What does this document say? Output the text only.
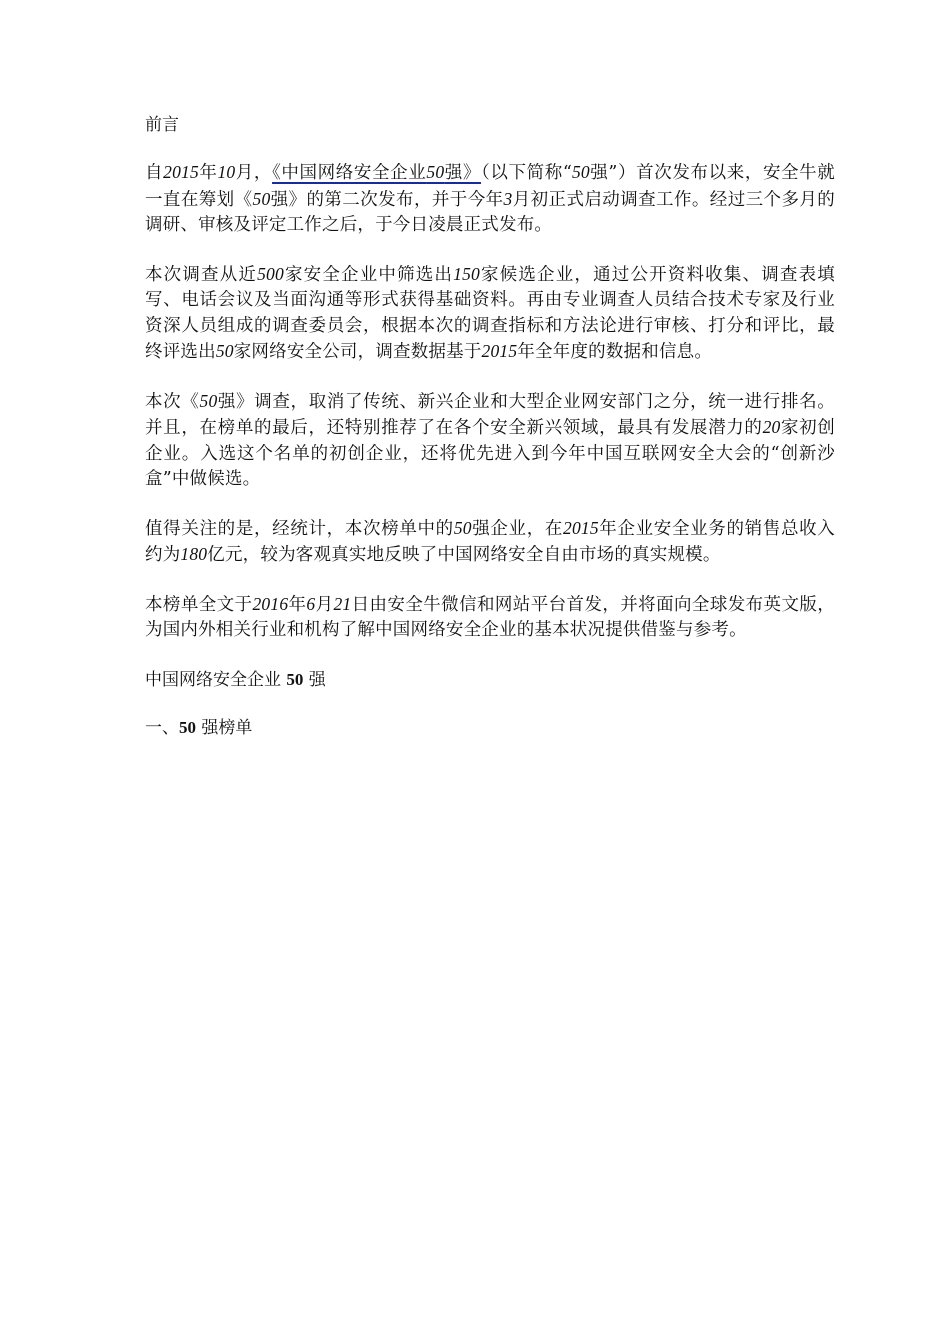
前言

自2015年10月，《中国网络安全企业50强》（以下简称“50强”）首次发布以来，安全牛就一直在筹划《50强》的第二次发布，并于今年3月初正式启动调查工作。经过三个多月的调研、审核及评定工作之后，于今日凌晨正式发布。

本次调查从近500家安全企业中筛选出150家候选企业，通过公开资料收集、调查表填写、电话会议及当面沟通等形式获得基础资料。再由专业调查人员结合技术专家及行业资深人员组成的调查委员会，根据本次的调查指标和方法论进行审核、打分和评比，最终评选出50家网络安全公司，调查数据基于2015年全年度的数据和信息。

本次《50强》调查，取消了传统、新兴企业和大型企业网安部门之分，统一进行排名。并且，在榜单的最后，还特别推荐了在各个安全新兴领域，最具有发展潜力的20家初创企业。入选这个名单的初创企业，还将优先进入到今年中国互联网安全大会的“创新沙盒”中做候选。

值得关注的是，经统计，本次榜单中的50强企业，在2015年企业安全业务的销售总收入约为180亿元，较为客观真实地反映了中国网络安全自由市场的真实规模。

本榜单全文于2016年6月21日由安全牛微信和网站平台首发，并将面向全球发布英文版，为国内外相关行业和机构了解中国网络安全企业的基本状况提供借鉴与参考。

中国网络安全企业 50 强
一、50 强榜单
